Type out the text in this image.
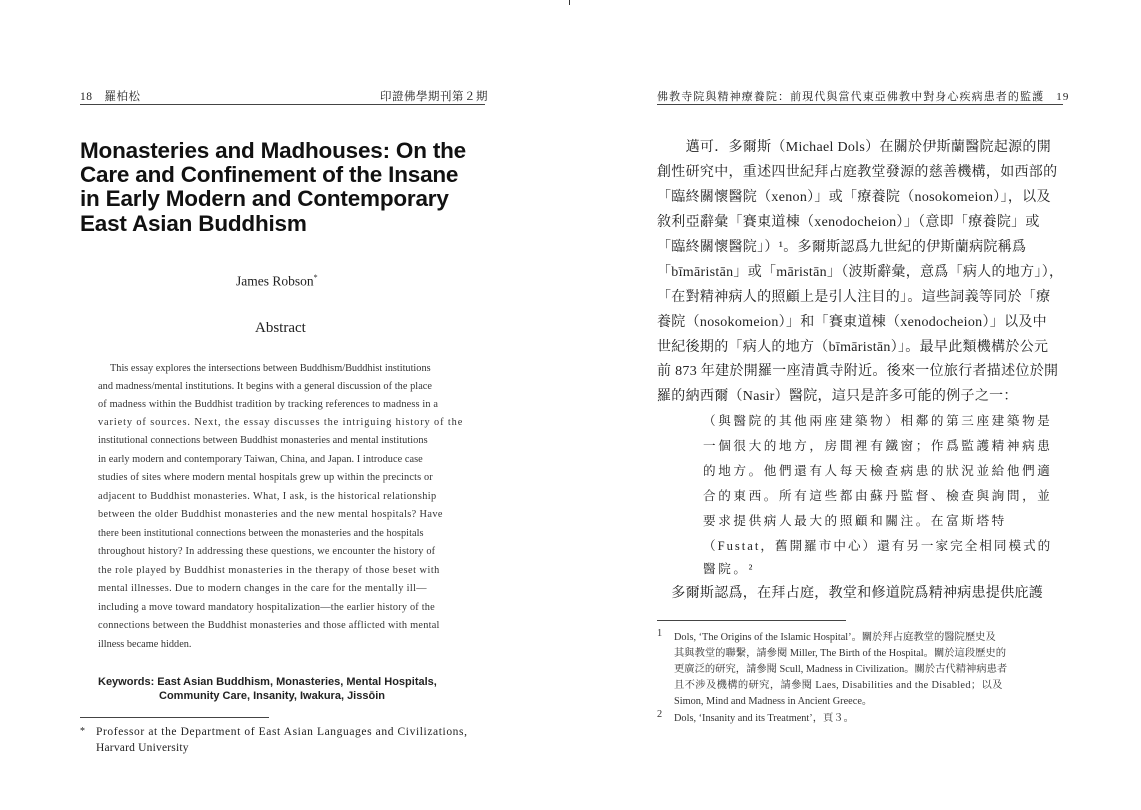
18　羅柏松	印證佛學期刊第２期
Monasteries and Madhouses: On the
Care and Confinement of the Insane
in Early Modern and Contemporary
East Asian Buddhism
James Robson*
Abstract
This essay explores the intersections between Buddhism/Buddhist institutions
and madness/mental institutions. It begins with a general discussion of the place
of madness within the Buddhist tradition by tracking references to madness in a
variety of sources. Next, the essay discusses the intriguing history of the
institutional connections between Buddhist monasteries and mental institutions
in early modern and contemporary Taiwan, China, and Japan. I introduce case
studies of sites where modern mental hospitals grew up within the precincts or
adjacent to Buddhist monasteries. What, I ask, is the historical relationship
between the older Buddhist monasteries and the new mental hospitals? Have
there been institutional connections between the monasteries and the hospitals
throughout history? In addressing these questions, we encounter the history of
the role played by Buddhist monasteries in the therapy of those beset with
mental illnesses. Due to modern changes in the care for the mentally ill—
including a move toward mandatory hospitalization—the earlier history of the
connections between the Buddhist monasteries and those afflicted with mental
illness became hidden.
Keywords: East Asian Buddhism, Monasteries, Mental Hospitals,
Community Care, Insanity, Iwakura, Jissōin
* Professor at the Department of East Asian Languages and Civilizations,
Harvard University
佛教寺院與精神療養院：前現代與當代東亞佛教中對身心疾病患者的監護　19
　　邁可．多爾斯（Michael Dols）在關於伊斯蘭醫院起源的開
創性研究中，重述四世紀拜占庭教堂發源的慈善機構，如西部的
「臨終關懷醫院（xenon）」或「療養院（nosokomeion）」，以及
敘利亞辭彙「賽東道棟（xenodocheion）」（意即「療養院」或
「臨終關懷醫院」）¹。多爾斯認爲九世紀的伊斯蘭病院稱爲
「bīmāristān」或「māristān」（波斯辭彙，意爲「病人的地方」），
「在對精神病人的照顧上是引人注目的」。這些詞義等同於「療
養院（nosokomeion）」和「賽東道棟（xenodocheion）」以及中
世紀後期的「病人的地方（bīmāristān）」。最早此類機構於公元
前 873 年建於開羅一座清眞寺附近。後來一位旅行者描述位於開
羅的納西爾（Nasir）醫院，這只是許多可能的例子之一：
（與醫院的其他兩座建築物）相鄰的第三座建築物是
一個很大的地方，房間裡有鐵窗；作爲監護精神病患
的地方。他們還有人每天檢查病患的狀況並給他們適
合的東西。所有這些都由蘇丹監督、檢查與詢問，並
要求提供病人最大的照顧和關注。在富斯塔特
（Fustat，舊開羅市中心）還有另一家完全相同模式的
醫院。²
　多爾斯認爲，在拜占庭，教堂和修道院爲精神病患提供庇護
1 Dols, ‘The Origins of the Islamic Hospital’。關於拜占庭教堂的醫院歷史及
其與教堂的聯繫，請參閱 Miller, The Birth of the Hospital。關於這段歷史的
更廣泛的研究，請參閱 Scull, Madness in Civilization。關於古代精神病患者
且不涉及機構的研究，請參閱 Laes, Disabilities and the Disabled；以及
Simon, Mind and Madness in Ancient Greece。
2 Dols, ‘Insanity and its Treatment’，頁３。
